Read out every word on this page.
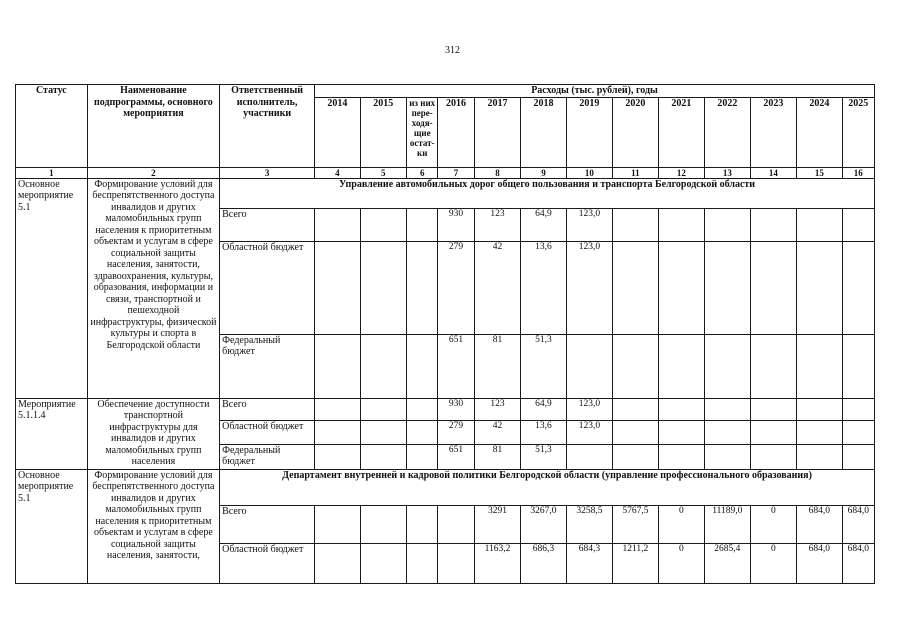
312
Статус	Наименование подпрограммы, основного мероприятия	Ответственный исполнитель, участники	Расходы (тыс. рублей), годы												
			2014	2015	из них пере-ходя-щие остат-ки	2016	2017	2018	2019	2020	2021	2022	2023	2024	2025
1	2	3	4	5	6	7	8	9	10	11	12	13	14	15	16
Основное мероприятие 5.1	Формирование условий для беспрепятственного доступа инвалидов и других маломобильных групп населения к приоритетным объектам и услугам в сфере социальной защиты населения, занятости, здравоохранения, культуры, образования, информации и связи, транспортной и пешеходной инфраструктуры, физической культуры и спорта в Белгородской области	Управление автомобильных дорог общего пользования и транспорта Белгородской области													
		Всего				930	123	64,9	123,0						
		Областной бюджет				279	42	13,6	123,0						
		Федеральный бюджет				651	81	51,3							
Мероприятие 5.1.1.4	Обеспечение доступности транспортной инфраструктуры для инвалидов и других маломобильных групп населения	Всего				930	123	64,9	123,0						
		Областной бюджет				279	42	13,6	123,0						
		Федеральный бюджет				651	81	51,3							
Основное мероприятие 5.1	Формирование условий для беспрепятственного доступа инвалидов и других маломобильных групп населения к приоритетным объектам и услугам в сфере социальной защиты населения, занятости,	Департамент внутренней и кадровой политики Белгородской области (управление профессионального образования)													
		Всего					3291	3267,0	3258,5	5767,5	0	11189,0	0	684,0	684,0
		Областной бюджет					1163,2	686,3	684,3	1211,2	0	2685,4	0	684,0	684,0
